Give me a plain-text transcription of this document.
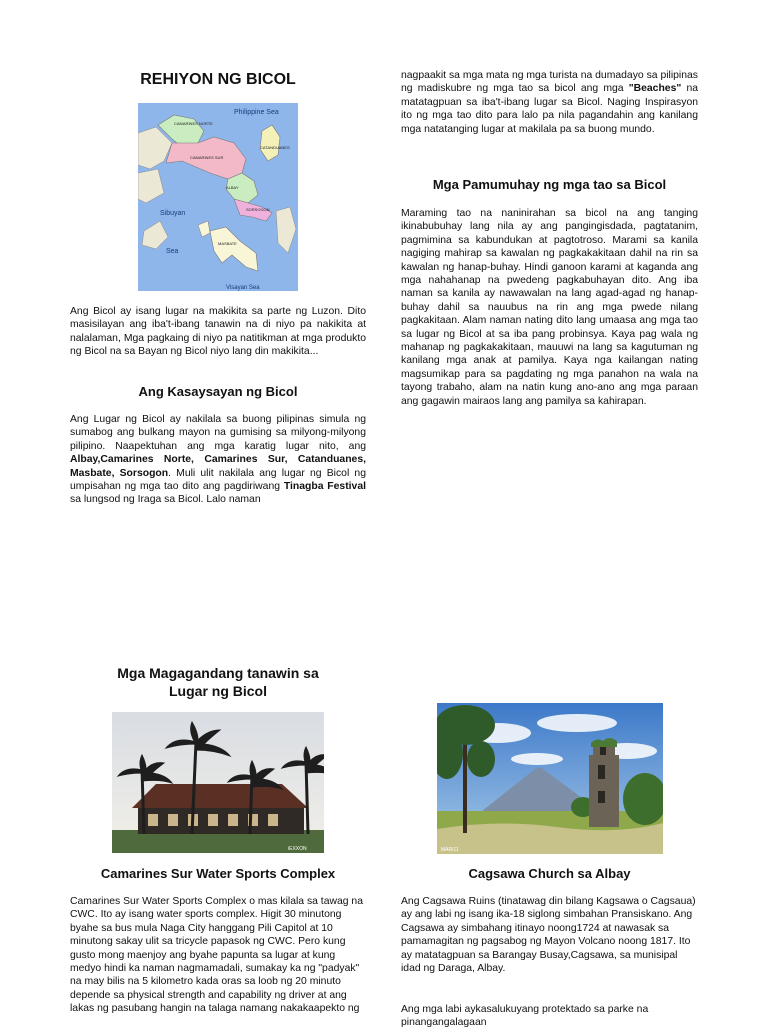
REHIYON NG BICOL
Philippine Sea
CAMARINES NORTE
CAMARINES SUR
CATANDUANES
ALBAY
SORSOGON
MASBATE
Sibuyan
Sea
Visayan Sea

Ang Bicol ay isang lugar na makikita sa parte ng Luzon. Dito masisilayan ang iba't-ibang tanawin na di niyo pa nakikita at nalalaman, Mga pagkaing di niyo pa natitikman at mga produkto ng Bicol na sa Bayan ng Bicol niyo lang din makikita...

Ang Kasaysayan ng Bicol

Ang Lugar ng Bicol ay nakilala sa buong pilipinas simula ng sumabog ang bulkang mayon na gumising sa milyong-milyong pilipino. Naapektuhan ang mga karatig lugar nito, ang Albay,Camarines Norte, Camarines Sur, Catanduanes, Masbate, Sorsogon. Muli ulit nakilala ang lugar ng Bicol ng umpisahan ng mga tao dito ang pagdiriwang Tinagba Festival sa lungsod ng Iraga sa Bicol. Lalo naman

nagpaakit sa mga mata ng mga turista na dumadayo sa pilipinas ng madiskubre ng mga tao sa bicol ang mga "Beaches" na matatagpuan sa iba't-ibang lugar sa Bicol. Naging Inspirasyon ito ng mga tao dito para lalo pa nila pagandahin ang kanilang mga natatanging lugar at makilala pa sa buong mundo.

Mga Pamumuhay ng mga tao sa Bicol

Maraming tao na naninirahan sa bicol na ang tanging ikinabubuhay lang nila ay ang pangingisdada, pagtatanim, pagmimina sa kabundukan at pagtotroso. Marami sa kanila nagiging mahirap sa kawalan ng pagkakakitaan dahil na rin sa kawalan ng hanap-buhay. Hindi ganoon karami at kaganda ang mga nahahanap na pwedeng pagkabuhayan dito. Ang iba naman sa kanila ay nawawalan na lang agad-agad ng hanap-buhay dahil sa nauubus na rin ang mga pwede nilang pagkakitaan. Alam naman nating dito lang umaasa ang mga tao sa lugar ng Bicol at sa iba pang probinsya. Kaya pag wala ng mahanap ng pagkakakitaan, mauuwi na lang sa kagutuman ng kanilang mga anak at pamilya. Kaya nga kailangan nating magsumikap para sa pagdating ng mga panahon na wala na tayong trabaho, alam na natin kung ano-ano ang mga paraan ang gagawin mairaos lang ang pamilya sa kahirapan.

Mga Magagandang tanawin sa
Lugar ng Bicol
iEXXON	MARI11
Camarines Sur Water Sports Complex	Cagsawa Church sa Albay

Camarines Sur Water Sports Complex o mas kilala sa tawag na CWC. Ito ay isang water sports complex. Higit 30 minutong byahe sa bus mula Naga City hanggang Pili Capitol at 10 minutong sakay ulit sa tricycle papasok ng CWC. Pero kung gusto mong maenjoy ang byahe papunta sa lugar at kung medyo hindi ka naman nagmamadali, sumakay ka ng "padyak" na may bilis na 5 kilometro kada oras sa loob ng 20 minuto depende sa physical strength and capability ng driver at ang lakas ng pasubang hangin na talaga namang nakakaapekto ng

Ang Cagsawa Ruins (tinatawag din bilang Kagsawa o Cagsaua) ay ang labi ng isang ika-18 siglong simbahan Pransiskano. Ang Cagsawa ay simbahang itinayo noong1724 at nawasak sa pamamagitan ng pagsabog ng Mayon Volcano noong 1817. Ito ay matatagpuan sa Barangay Busay,Cagsawa, sa munisipal idad ng Daraga, Albay.

Ang mga labi aykasalukuyang protektado sa parke na pinangangalagaan
